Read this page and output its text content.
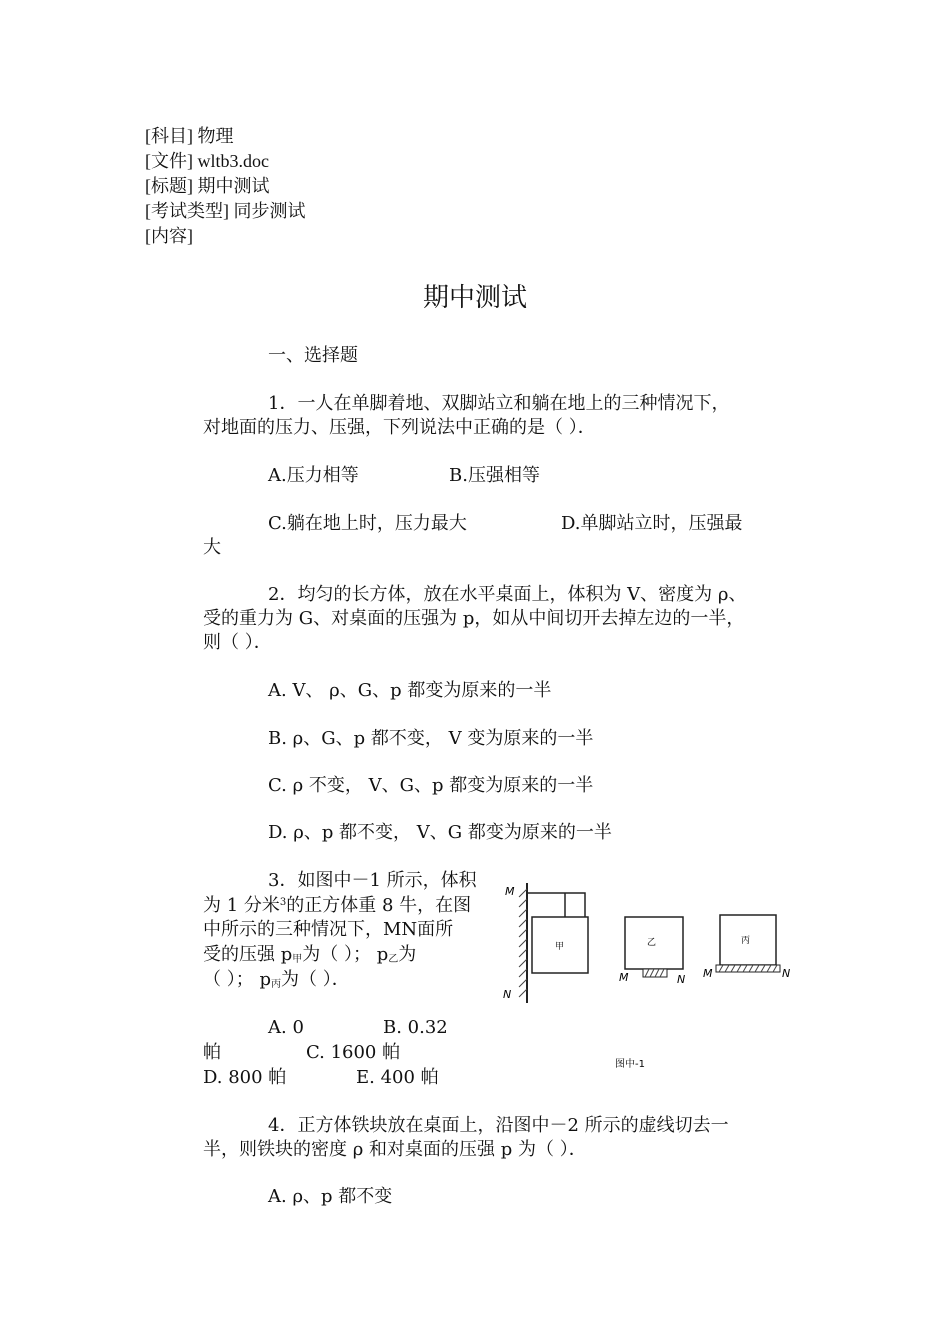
[科目] 物理
[文件] wltb3.doc
[标题] 期中测试
[考试类型] 同步测试
[内容]
期中测试
一、选择题
1．一人在单脚着地、双脚站立和躺在地上的三种情况下，
对地面的压力、压强，下列说法中正确的是（ ）．
A.压力相等	B.压强相等
C.躺在地上时，压力最大	D.单脚站立时，压强最
大
2．均匀的长方体，放在水平桌面上，体积为 V、密度为 ρ、
受的重力为 G、对桌面的压强为 p，如从中间切开去掉左边的一半，
则（ ）．
A. V、 ρ、G、p 都变为原来的一半
B. ρ、G、p 都不变， V 变为原来的一半
C. ρ 不变， V、G、p 都变为原来的一半
D. ρ、p 都不变， V、G 都变为原来的一半
3．如图中－1 所示，体积
为 1 分米$^3$的正方体重 8 牛，在图
中所示的三种情况下，MN面所
受的压强 $p_甲$为（ ）； $p_乙$为
（ ）； $p_丙$为（ ）．
A. 0	B. 0.32
帕	C. 1600 帕
D. 800 帕	E. 400 帕
M
N
甲	乙
M	N
丙
M	N
图中-1
4．正方体铁块放在桌面上，沿图中－2 所示的虚线切去一
半，则铁块的密度 ρ 和对桌面的压强 p 为（ ）．
A. ρ、p 都不变
